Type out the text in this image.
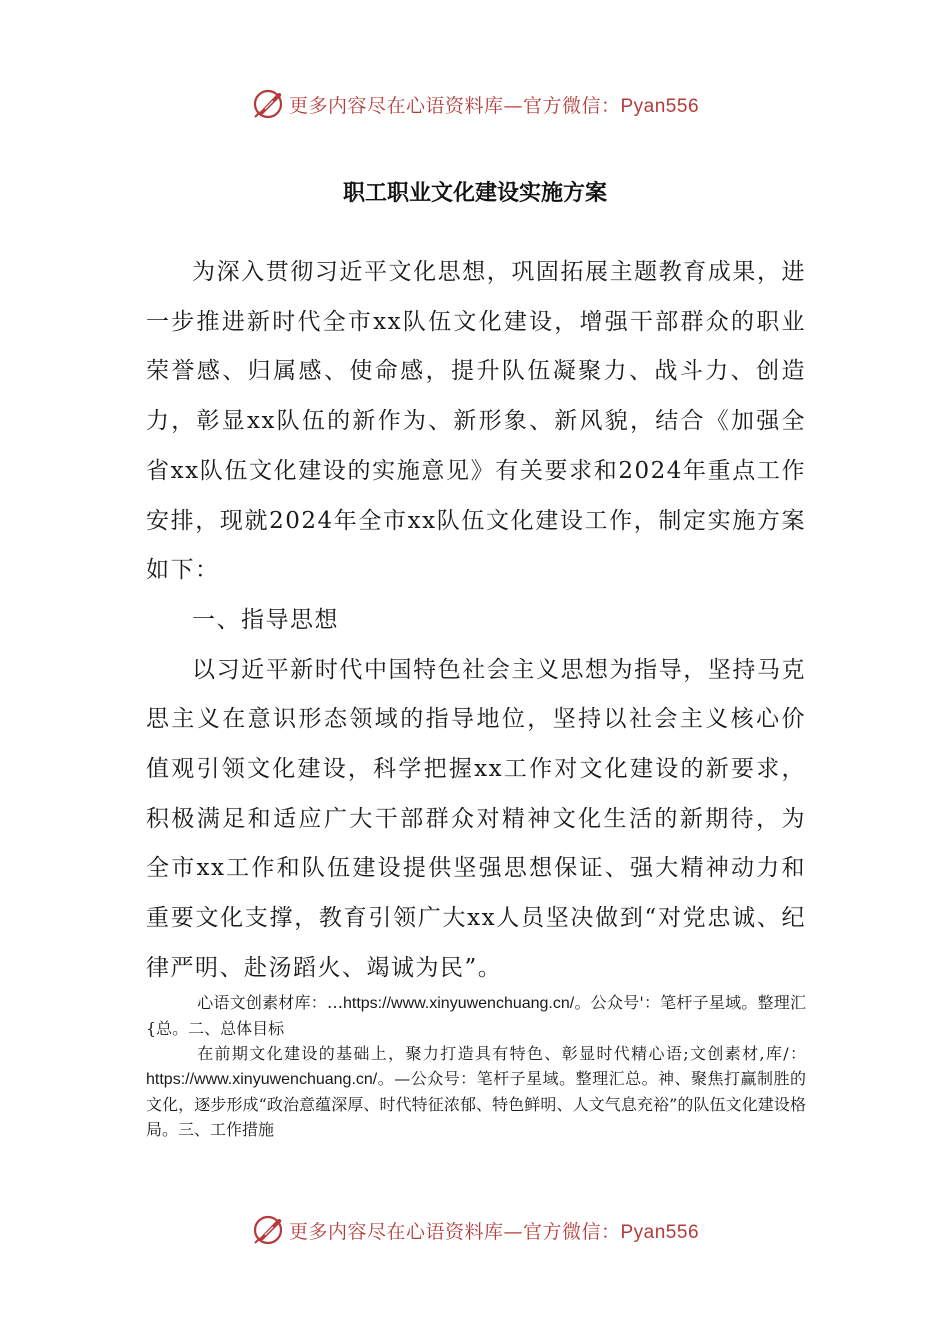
更多内容尽在心语资料库—官方微信：Pyan556
职工职业文化建设实施方案

为深入贯彻习近平文化思想，巩固拓展主题教育成果，进一步推进新时代全市xx队伍文化建设，增强干部群众的职业荣誉感、归属感、使命感，提升队伍凝聚力、战斗力、创造力，彰显xx队伍的新作为、新形象、新风貌，结合《加强全省xx队伍文化建设的实施意见》有关要求和2024年重点工作安排，现就2024年全市xx队伍文化建设工作，制定实施方案如下：

一、指导思想

以习近平新时代中国特色社会主义思想为指导，坚持马克思主义在意识形态领域的指导地位，坚持以社会主义核心价值观引领文化建设，科学把握xx工作对文化建设的新要求，积极满足和适应广大干部群众对精神文化生活的新期待，为全市xx工作和队伍建设提供坚强思想保证、强大精神动力和重要文化支撑，教育引领广大xx人员坚决做到“对党忠诚、纪律严明、赴汤蹈火、竭诚为民”。

心语文创素材库：…https://www.xinyuwenchuang.cn/。公众号'：笔杆子星域。整理汇{总。二、总体目标

在前期文化建设的基础上，聚力打造具有特色、彰显时代精心语;文创素材,库/：https://www.xinyuwenchuang.cn/。—公众号：笔杆子星域。整理汇总。神、聚焦打赢制胜的文化，逐步形成“政治意蕴深厚、时代特征浓郁、特色鲜明、人文气息充裕”的队伍文化建设格局。三、工作措施

更多内容尽在心语资料库—官方微信：Pyan556
